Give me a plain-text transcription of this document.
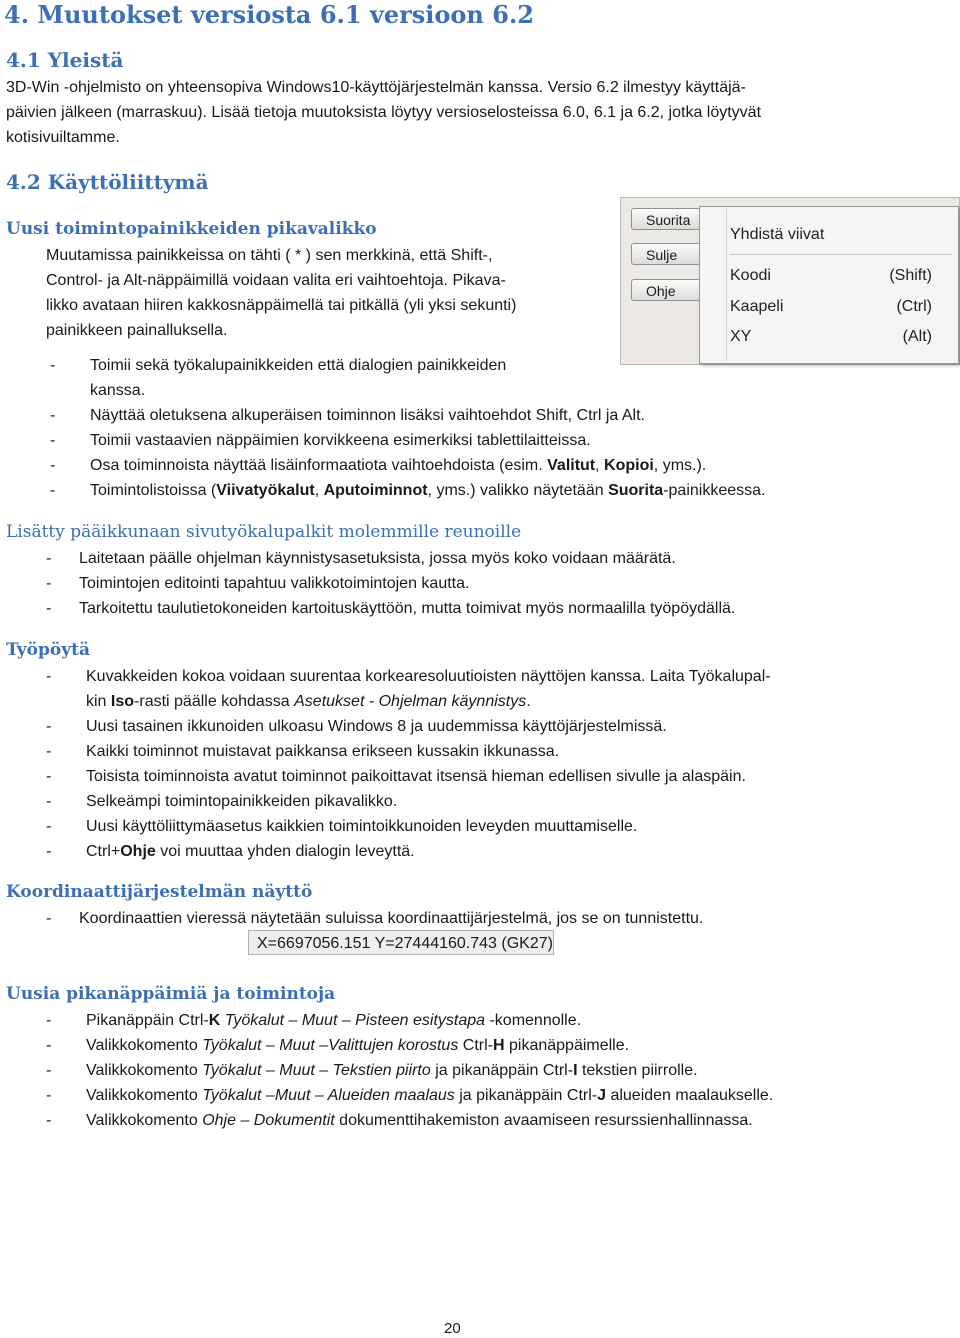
4. Muutokset versiosta 6.1 versioon 6.2
4.1 Yleistä
3D-Win -ohjelmisto on yhteensopiva Windows10-käyttöjärjestelmän kanssa. Versio 6.2 ilmestyy käyttäjä-
päivien jälkeen (marraskuu). Lisää tietoja muutoksista löytyy versioselosteissa 6.0, 6.1 ja 6.2, jotka löytyvät
kotisivuiltamme.
4.2 Käyttöliittymä
Uusi toimintopainikkeiden pikavalikko
Muutamissa painikkeissa on tähti ( * ) sen merkkinä, että Shift-,
Control- ja Alt-näppäimillä voidaan valita eri vaihtoehtoja. Pikava-
likko avataan hiiren kakkosnäppäimellä tai pitkällä (yli yksi sekunti)
painikkeen painalluksella.
Suorita
Sulje
Ohje
Yhdistä viivat
Koodi	(Shift)
Kaapeli	(Ctrl)
XY	(Alt)
- Toimii sekä työkalupainikkeiden että dialogien painikkeiden
kanssa.
- Näyttää oletuksena alkuperäisen toiminnon lisäksi vaihtoehdot Shift, Ctrl ja Alt.
- Toimii vastaavien näppäimien korvikkeena esimerkiksi tablettilaitteissa.
- Osa toiminnoista näyttää lisäinformaatiota vaihtoehdoista (esim. Valitut, Kopioi, yms.).
- Toimintolistoissa (Viivatyökalut, Aputoiminnot, yms.) valikko näytetään Suorita-painikkeessa.
Lisätty pääikkunaan sivutyökalupalkit molemmille reunoille
- Laitetaan päälle ohjelman käynnistysasetuksista, jossa myös koko voidaan määrätä.
- Toimintojen editointi tapahtuu valikkotoimintojen kautta.
- Tarkoitettu taulutietokoneiden kartoituskäyttöön, mutta toimivat myös normaalilla työpöydällä.
Työpöytä
- Kuvakkeiden kokoa voidaan suurentaa korkearesoluutioisten näyttöjen kanssa. Laita Työkalupal-
kin Iso-rasti päälle kohdassa Asetukset - Ohjelman käynnistys.
- Uusi tasainen ikkunoiden ulkoasu Windows 8 ja uudemmissa käyttöjärjestelmissä.
- Kaikki toiminnot muistavat paikkansa erikseen kussakin ikkunassa.
- Toisista toiminnoista avatut toiminnot paikoittavat itsensä hieman edellisen sivulle ja alaspäin.
- Selkeämpi toimintopainikkeiden pikavalikko.
- Uusi käyttöliittymäasetus kaikkien toimintoikkunoiden leveyden muuttamiselle.
- Ctrl+Ohje voi muuttaa yhden dialogin leveyttä.
Koordinaattijärjestelmän näyttö
- Koordinaattien vieressä näytetään suluissa koordinaattijärjestelmä, jos se on tunnistettu.
X=6697056.151 Y=27444160.743 (GK27)
Uusia pikanäppäimiä ja toimintoja
- Pikanäppäin Ctrl-K Työkalut – Muut – Pisteen esitystapa -komennolle.
- Valikkokomento Työkalut – Muut –Valittujen korostus Ctrl-H pikanäppäimelle.
- Valikkokomento Työkalut – Muut – Tekstien piirto ja pikanäppäin Ctrl-I tekstien piirrolle.
- Valikkokomento Työkalut –Muut – Alueiden maalaus ja pikanäppäin Ctrl-J alueiden maalaukselle.
- Valikkokomento Ohje – Dokumentit dokumenttihakemiston avaamiseen resurssienhallinnassa.
20
